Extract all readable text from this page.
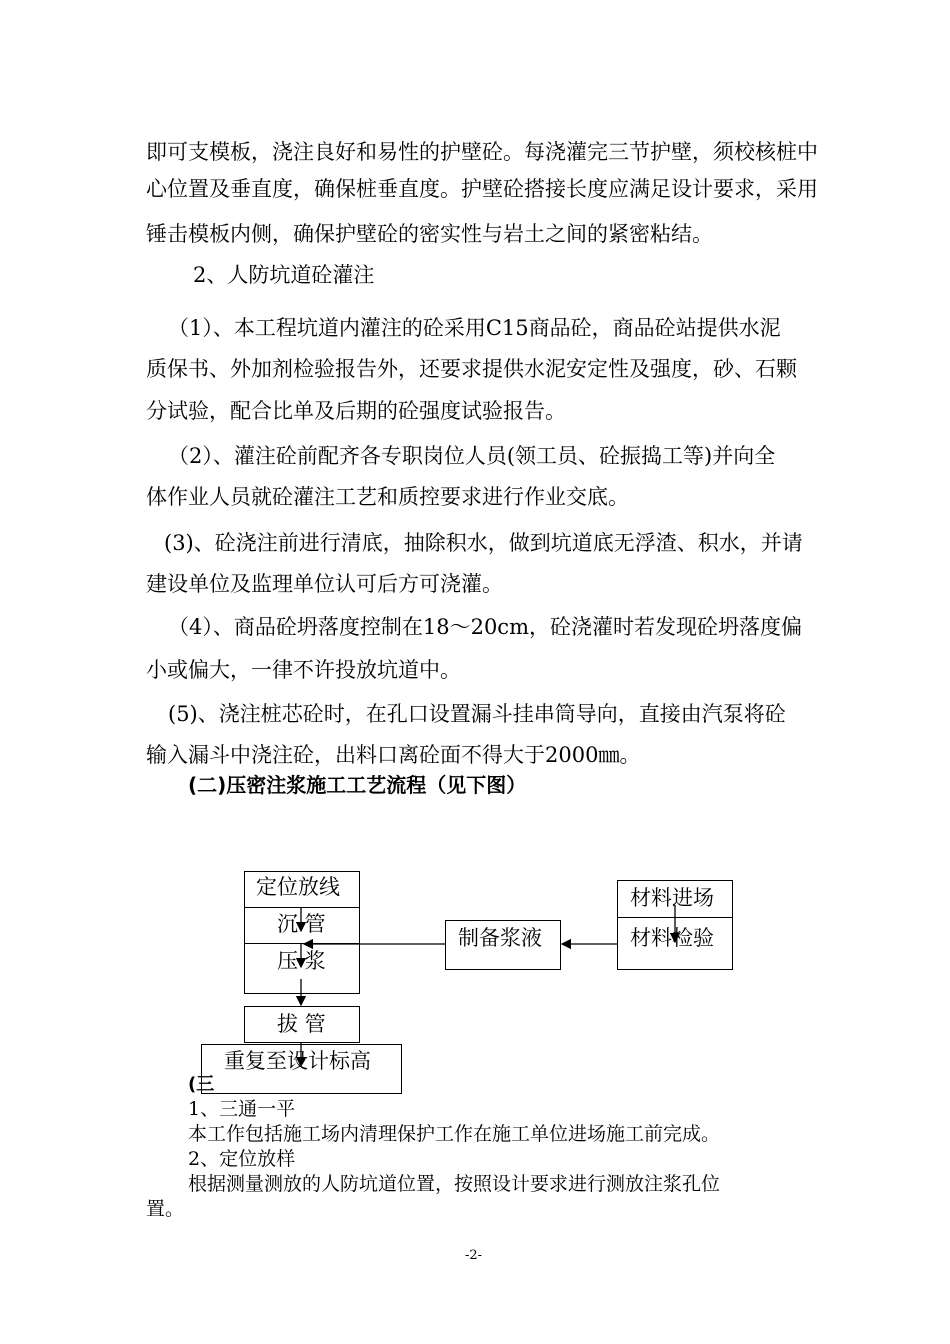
即可支模板，浇注良好和易性的护壁砼。每浇灌完三节护壁，须校核桩中
心位置及垂直度，确保桩垂直度。护壁砼搭接长度应满足设计要求，采用
锤击模板内侧，确保护壁砼的密实性与岩土之间的紧密粘结。
2、人防坑道砼灌注
（1）、本工程坑道内灌注的砼采用C15商品砼，商品砼站提供水泥
质保书、外加剂检验报告外，还要求提供水泥安定性及强度，砂、石颗
分试验，配合比单及后期的砼强度试验报告。
（2）、灌注砼前配齐各专职岗位人员(领工员、砼振捣工等)并向全
体作业人员就砼灌注工艺和质控要求进行作业交底。
(3)、砼浇注前进行清底，抽除积水，做到坑道底无浮渣、积水，并请
建设单位及监理单位认可后方可浇灌。
（4）、商品砼坍落度控制在18～20cm，砼浇灌时若发现砼坍落度偏
小或偏大，一律不许投放坑道中。
(5)、浇注桩芯砼时，在孔口设置漏斗挂串筒导向，直接由汽泵将砼
输入漏斗中浇注砼，出料口离砼面不得大于2000㎜。
(二)压密注浆施工工艺流程（见下图）
定位放线
沉 管
压 浆
拔 管
重复至设计标高
制备浆液
材料进场
材料检验
(三
1、三通一平
本工作包括施工场内清理保护工作在施工单位进场施工前完成。
2、定位放样
根据测量测放的人防坑道位置，按照设计要求进行测放注浆孔位
置。
-2-
